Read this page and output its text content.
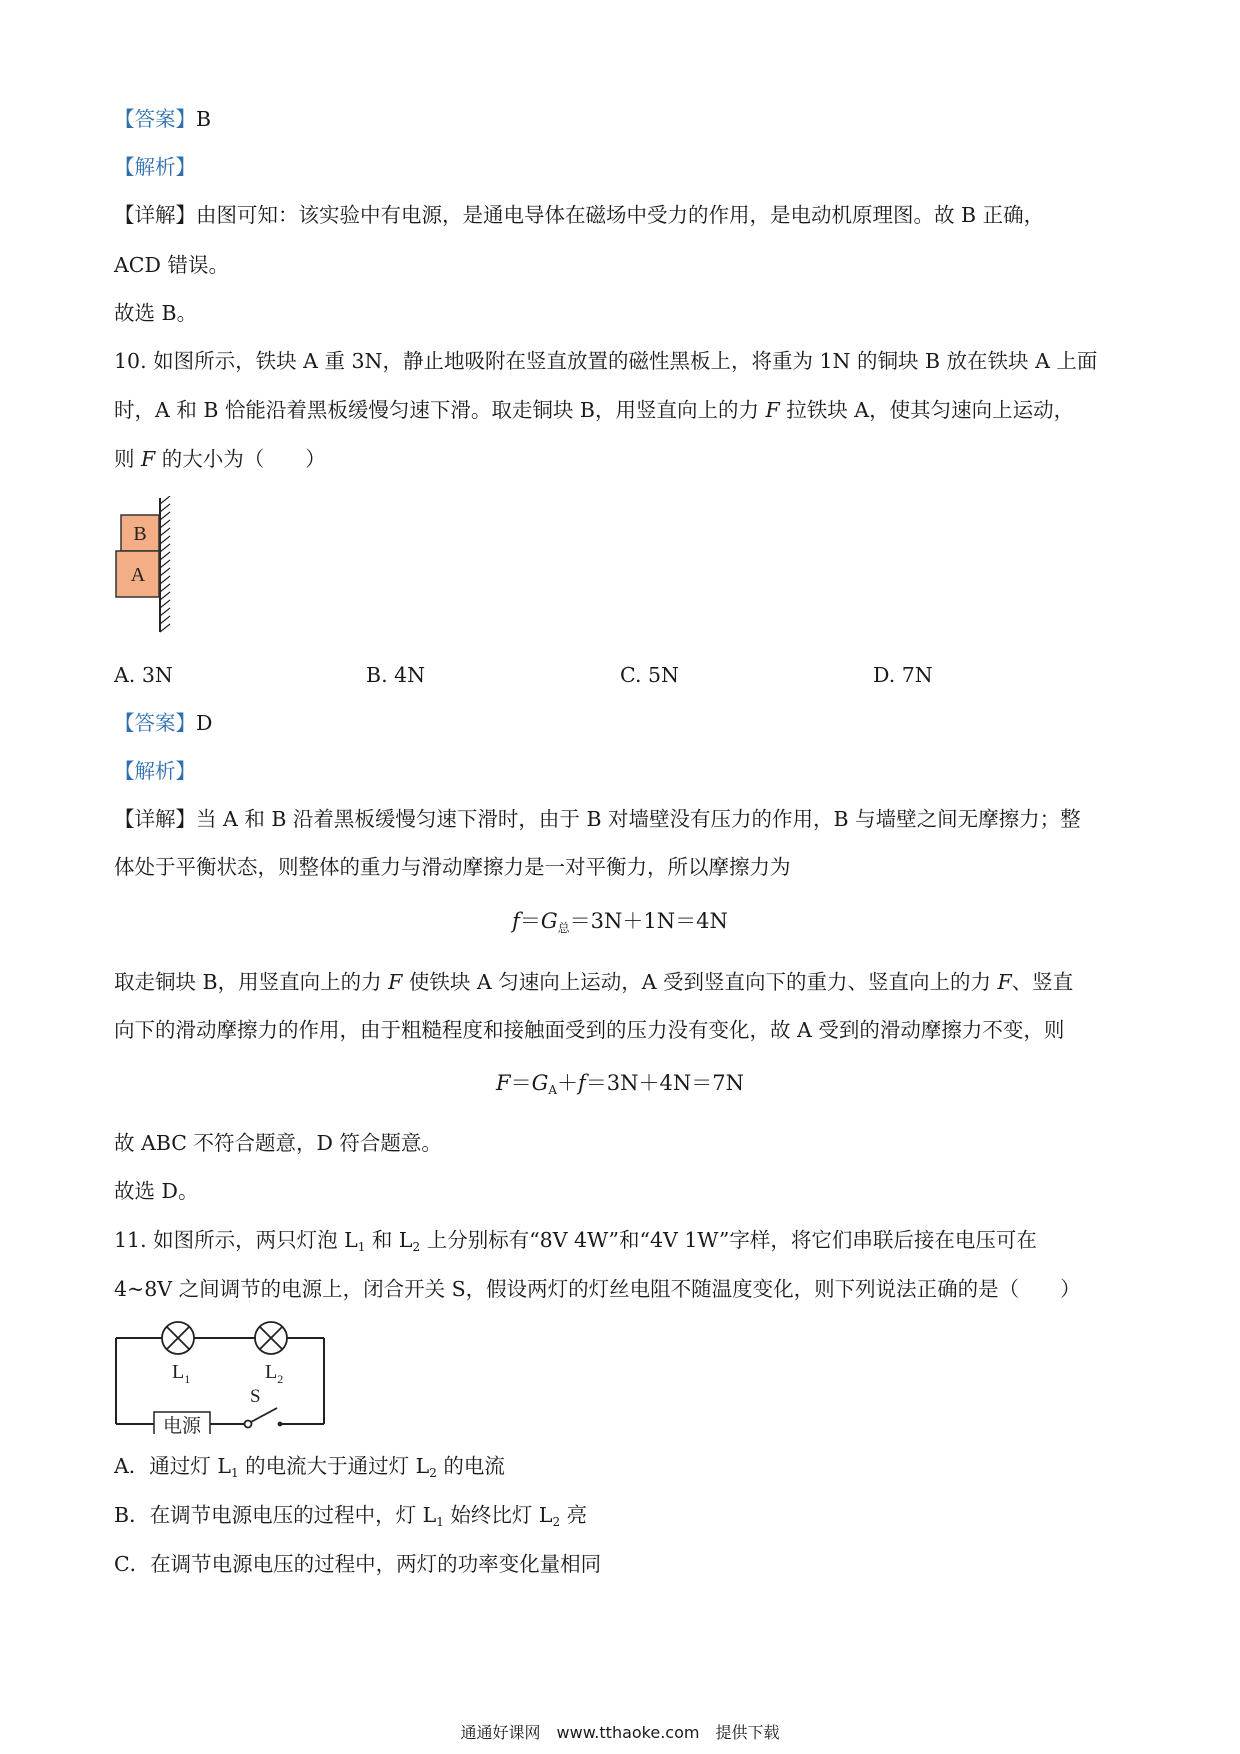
【答案】B
【解析】
【详解】由图可知：该实验中有电源，是通电导体在磁场中受力的作用，是电动机原理图。故 B 正确，
ACD 错误。
故选 B。
10. 如图所示，铁块 A 重 3N，静止地吸附在竖直放置的磁性黑板上，将重为 1N 的铜块 B 放在铁块 A 上面
时，A 和 B 恰能沿着黑板缓慢匀速下滑。取走铜块 B，用竖直向上的力 F 拉铁块 A，使其匀速向上运动，
则 F 的大小为（　　）
B
A
A. 3N	B. 4N	C. 5N	D. 7N
【答案】D
【解析】
【详解】当 A 和 B 沿着黑板缓慢匀速下滑时，由于 B 对墙壁没有压力的作用，B 与墙壁之间无摩擦力；整
体处于平衡状态，则整体的重力与滑动摩擦力是一对平衡力，所以摩擦力为
$f=G_总=3N+1N=4N$
取走铜块 B，用竖直向上的力 F 使铁块 A 匀速向上运动，A 受到竖直向下的重力、竖直向上的力 F、竖直
向下的滑动摩擦力的作用，由于粗糙程度和接触面受到的压力没有变化，故 A 受到的滑动摩擦力不变，则
$F=G_A+f=3N+4N=7N$
故 ABC 不符合题意，D 符合题意。
故选 D。
11. 如图所示，两只灯泡 $L_1$ 和 $L_2$ 上分别标有“8V 4W”和“4V 1W”字样，将它们串联后接在电压可在
4~8V 之间调节的电源上，闭合开关 S，假设两灯的灯丝电阻不随温度变化，则下列说法正确的是（　　）
$L_1$	$L_2$
电源
S
A．通过灯 $L_1$ 的电流大于通过灯 $L_2$ 的电流
B．在调节电源电压的过程中，灯 $L_1$ 始终比灯 $L_2$ 亮
C．在调节电源电压的过程中，两灯的功率变化量相同
通通好课网　www.tthaoke.com　提供下载
